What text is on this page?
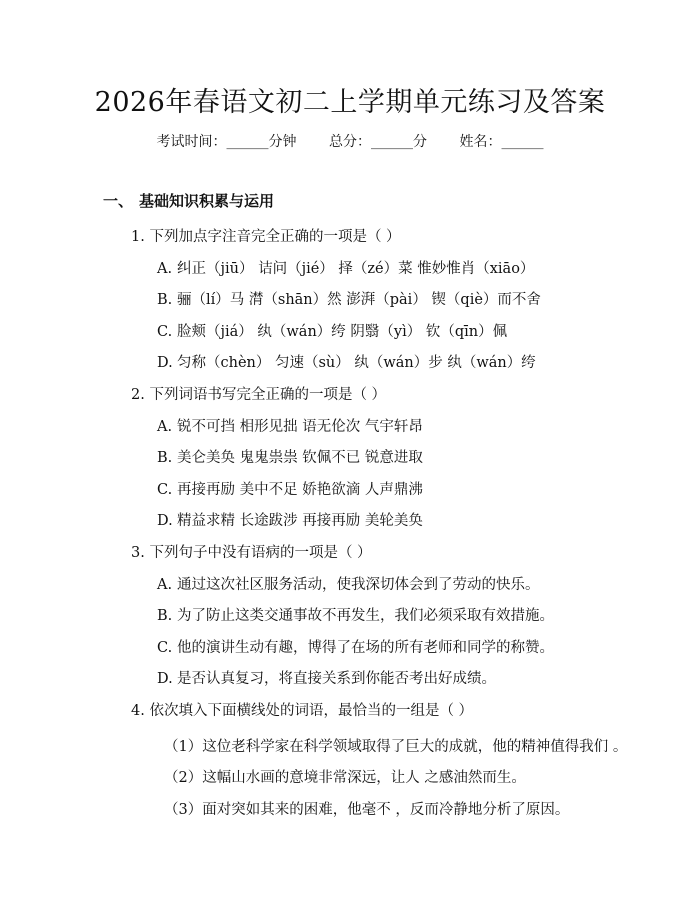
2026年春语文初二上学期单元练习及答案
考试时间：______分钟 总分：______分 姓名：______
一、 基础知识积累与运用
1. 下列加点字注音完全正确的一项是（ ）
A. 纠正（jiū） 诘问（jié） 择（zé）菜 惟妙惟肖（xiāo）
B. 骊（lí）马 潸（shān）然 澎湃（pài） 锲（qiè）而不舍
C. 脸颊（jiá） 纨（wán）绔 阴翳（yì） 钦（qīn）佩
D. 匀称（chèn） 匀速（sù） 纨（wán）步 纨（wán）绔
2. 下列词语书写完全正确的一项是（ ）
A. 锐不可挡 相形见拙 语无伦次 气宇轩昂
B. 美仑美奂 鬼鬼祟祟 钦佩不已 锐意进取
C. 再接再励 美中不足 娇艳欲滴 人声鼎沸
D. 精益求精 长途跋涉 再接再励 美轮美奂
3. 下列句子中没有语病的一项是（ ）
A. 通过这次社区服务活动，使我深切体会到了劳动的快乐。
B. 为了防止这类交通事故不再发生，我们必须采取有效措施。
C. 他的演讲生动有趣，博得了在场的所有老师和同学的称赞。
D. 是否认真复习，将直接关系到你能否考出好成绩。
4. 依次填入下面横线处的词语，最恰当的一组是（ ）
（1）这位老科学家在科学领域取得了巨大的成就，他的精神值得我们 。
（2）这幅山水画的意境非常深远，让人 之感油然而生。
（3）面对突如其来的困难，他毫不 ，反而冷静地分析了原因。
